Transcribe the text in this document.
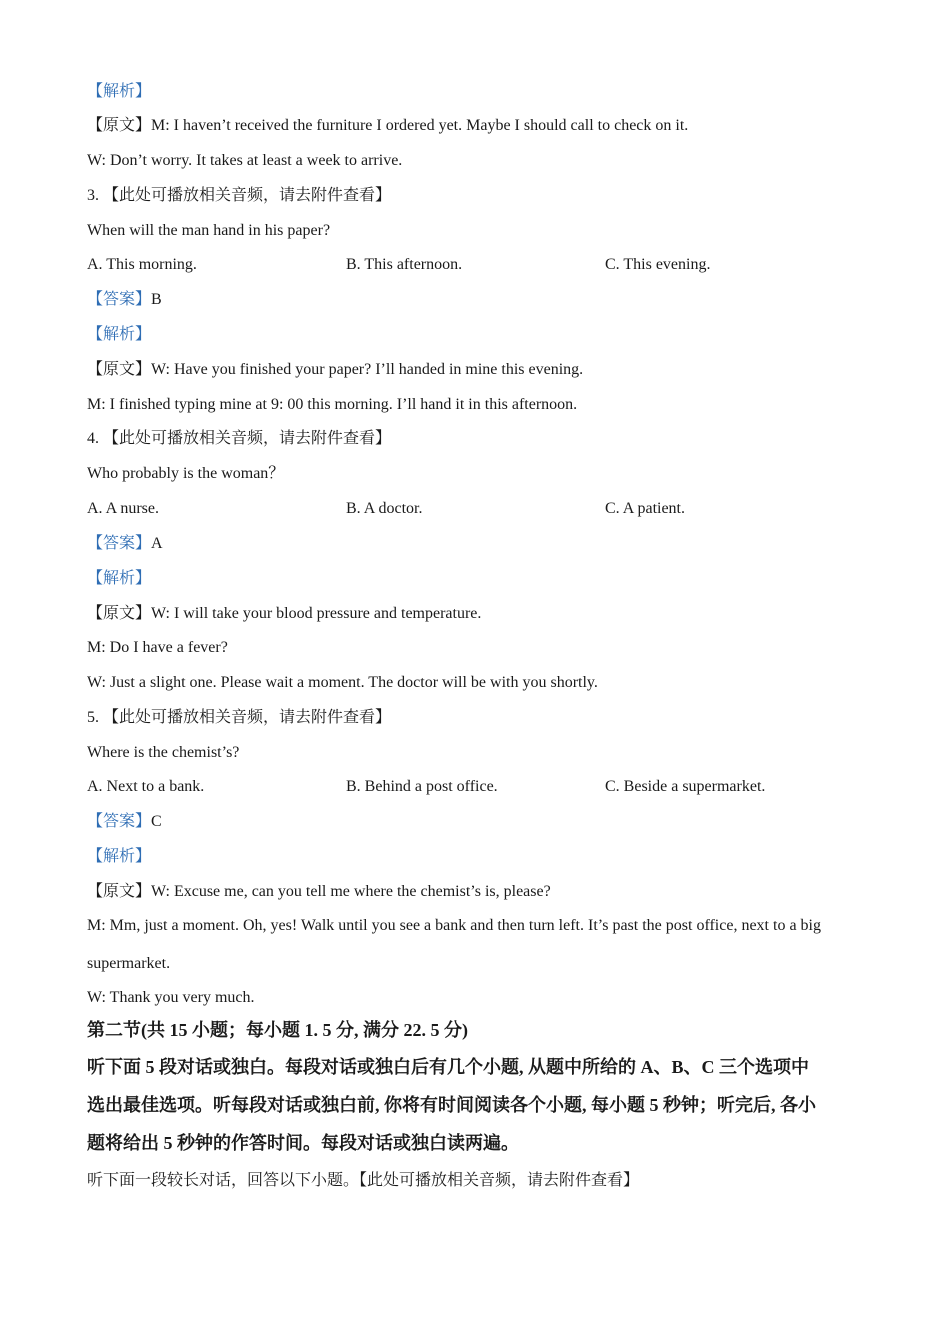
【解析】
【原文】M: I haven’t received the furniture I ordered yet. Maybe I should call to check on it.
W: Don’t worry. It takes at least a week to arrive.
3. 【此处可播放相关音频，请去附件查看】
When will the man hand in his paper?
A. This morning.	B. This afternoon.	C. This evening.
【答案】B
【解析】
【原文】W: Have you finished your paper? I’ll handed in mine this evening.
M: I finished typing mine at 9: 00 this morning. I’ll hand it in this afternoon.
4. 【此处可播放相关音频，请去附件查看】
Who probably is the woman？
A. A nurse.	B. A doctor.	C. A patient.
【答案】A
【解析】
【原文】W: I will take your blood pressure and temperature.
M: Do I have a fever?
W: Just a slight one. Please wait a moment. The doctor will be with you shortly.
5. 【此处可播放相关音频，请去附件查看】
Where is the chemist’s?
A. Next to a bank.	B. Behind a post office.	C. Beside a supermarket.
【答案】C
【解析】
【原文】W: Excuse me, can you tell me where the chemist’s is, please?
M: Mm, just a moment. Oh, yes! Walk until you see a bank and then turn left. It’s past the post office, next to a big
supermarket.
W: Thank you very much.
第二节(共 15 小题；每小题 1. 5 分, 满分 22. 5 分)
听下面 5 段对话或独白。每段对话或独白后有几个小题, 从题中所给的 A、B、C 三个选项中
选出最佳选项。听每段对话或独白前, 你将有时间阅读各个小题, 每小题 5 秒钟；听完后, 各小
题将给出 5 秒钟的作答时间。每段对话或独白读两遍。
听下面一段较长对话，回答以下小题。【此处可播放相关音频，请去附件查看】
